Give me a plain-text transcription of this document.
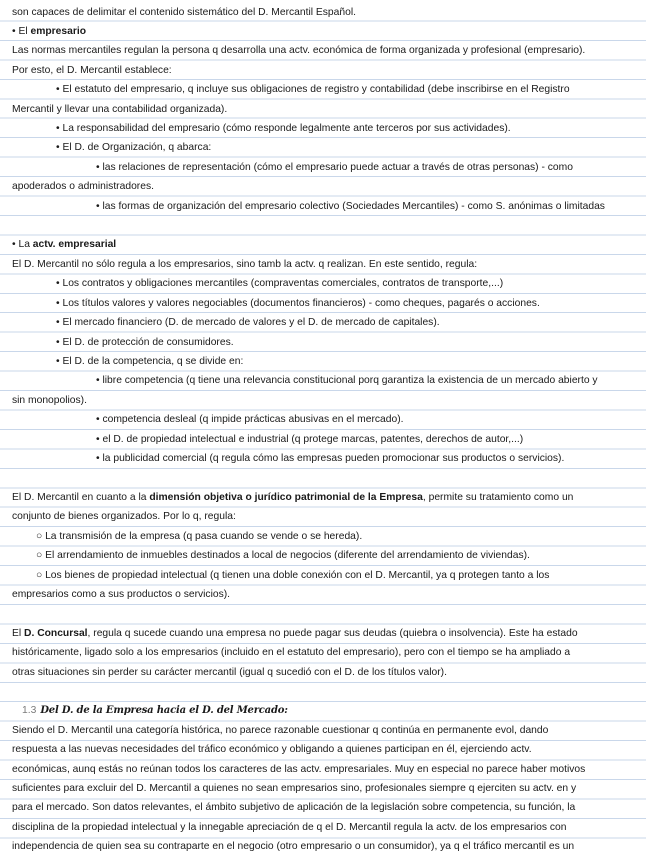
son capaces de delimitar el contenido sistemático del D. Mercantil Español.
• El empresario
Las normas mercantiles regulan la persona q desarrolla una actv. económica de forma organizada y profesional (empresario).
Por esto, el D. Mercantil establece:
• El estatuto del empresario, q incluye sus obligaciones de registro y contabilidad (debe inscribirse en el Registro
Mercantil y llevar una contabilidad organizada).
• La responsabilidad del empresario (cómo responde legalmente ante terceros por sus actividades).
• El D. de Organización, q abarca:
• las relaciones de representación (cómo el empresario puede actuar a través de otras personas) - como
apoderados o administradores.
• las formas de organización del empresario colectivo (Sociedades Mercantiles) - como S. anónimas o limitadas
• La actv. empresarial
El D. Mercantil no sólo regula a los empresarios, sino tamb la actv. q realizan. En este sentido, regula:
• Los contratos y obligaciones mercantiles (compraventas comerciales, contratos de transporte,...)
• Los títulos valores y valores negociables (documentos financieros) - como cheques, pagarés o acciones.
• El mercado financiero (D. de mercado de valores y el D. de mercado de capitales).
• El D. de protección de consumidores.
• El D. de la competencia, q se divide en:
• libre competencia (q tiene una relevancia constitucional porq garantiza la existencia de un mercado abierto y
sin monopolios).
• competencia desleal (q impide prácticas abusivas en el mercado).
• el D. de propiedad intelectual e industrial (q protege marcas, patentes, derechos de autor,...)
• la publicidad comercial (q regula cómo las empresas pueden promocionar sus productos o servicios).
El D. Mercantil en cuanto a la dimensión objetiva o jurídico patrimonial de la Empresa, permite su tratamiento como un
conjunto de bienes organizados. Por lo q, regula:
○ La transmisión de la empresa (q pasa cuando se vende o se hereda).
○ El arrendamiento de inmuebles destinados a local de negocios (diferente del arrendamiento de viviendas).
○ Los bienes de propiedad intelectual (q tienen una doble conexión con el D. Mercantil, ya q protegen tanto a los
empresarios como a sus productos o servicios).
El D. Concursal, regula q sucede cuando una empresa no puede pagar sus deudas (quiebra o insolvencia). Este ha estado
históricamente, ligado solo a los empresarios (incluido en el estatuto del empresario), pero con el tiempo se ha ampliado a
otras situaciones sin perder su carácter mercantil (igual q sucedió con el D. de los títulos valor).
1.3 Del D. de la Empresa hacia el D. del Mercado:
Siendo el D. Mercantil una categoría histórica, no parece razonable cuestionar q continúa en permanente evol, dando
respuesta a las nuevas necesidades del tráfico económico y obligando a quienes participan en él, ejerciendo actv.
económicas, aunq estás no reúnan todos los caracteres de las actv. empresariales. Muy en especial no parece haber motivos
suficientes para excluir del D. Mercantil a quienes no sean empresarios sino, profesionales siempre q ejerciten su actv. en y
para el mercado. Son datos relevantes, el ámbito subjetivo de aplicación de la legislación sobre competencia, su función, la
disciplina de la propiedad intelectual y la innegable apreciación de q el D. Mercantil regula la actv. de los empresarios con
independencia de quien sea su contraparte en el negocio (otro empresario o un consumidor), ya q el tráfico mercantil es un
